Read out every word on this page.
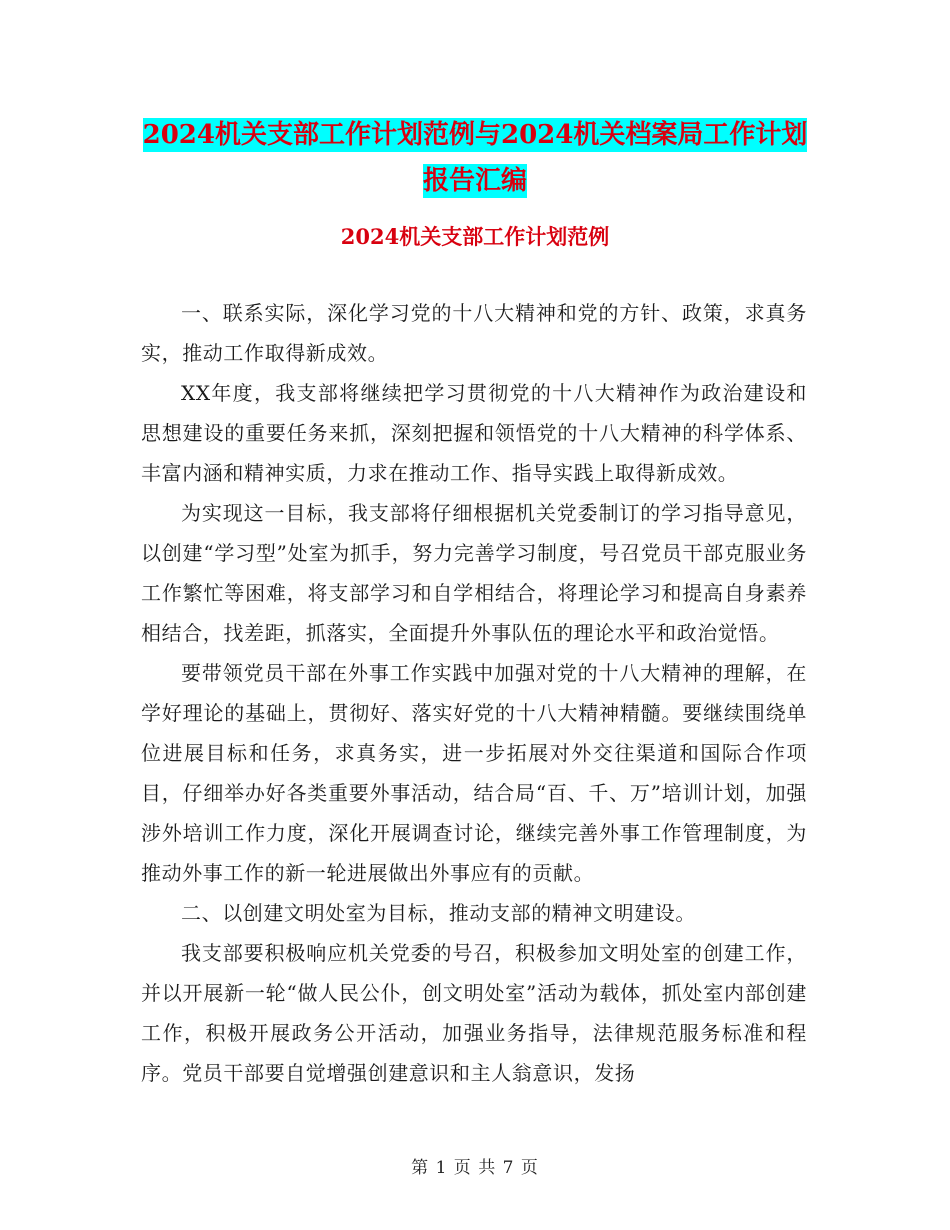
2024机关支部工作计划范例与2024机关档案局工作计划报告汇编
2024机关支部工作计划范例

一、联系实际，深化学习党的十八大精神和党的方针、政策，求真务实，推动工作取得新成效。

XX年度，我支部将继续把学习贯彻党的十八大精神作为政治建设和思想建设的重要任务来抓，深刻把握和领悟党的十八大精神的科学体系、丰富内涵和精神实质，力求在推动工作、指导实践上取得新成效。

为实现这一目标，我支部将仔细根据机关党委制订的学习指导意见，以创建“学习型”处室为抓手，努力完善学习制度，号召党员干部克服业务工作繁忙等困难，将支部学习和自学相结合，将理论学习和提高自身素养相结合，找差距，抓落实，全面提升外事队伍的理论水平和政治觉悟。

要带领党员干部在外事工作实践中加强对党的十八大精神的理解，在学好理论的基础上，贯彻好、落实好党的十八大精神精髓。要继续围绕单位进展目标和任务，求真务实，进一步拓展对外交往渠道和国际合作项目，仔细举办好各类重要外事活动，结合局“百、千、万”培训计划，加强涉外培训工作力度，深化开展调查讨论，继续完善外事工作管理制度，为推动外事工作的新一轮进展做出外事应有的贡献。

二、以创建文明处室为目标，推动支部的精神文明建设。

我支部要积极响应机关党委的号召，积极参加文明处室的创建工作，并以开展新一轮“做人民公仆，创文明处室”活动为载体，抓处室内部创建工作，积极开展政务公开活动，加强业务指导，法律规范服务标准和程序。党员干部要自觉增强创建意识和主人翁意识，发扬

第 1 页 共 7 页
